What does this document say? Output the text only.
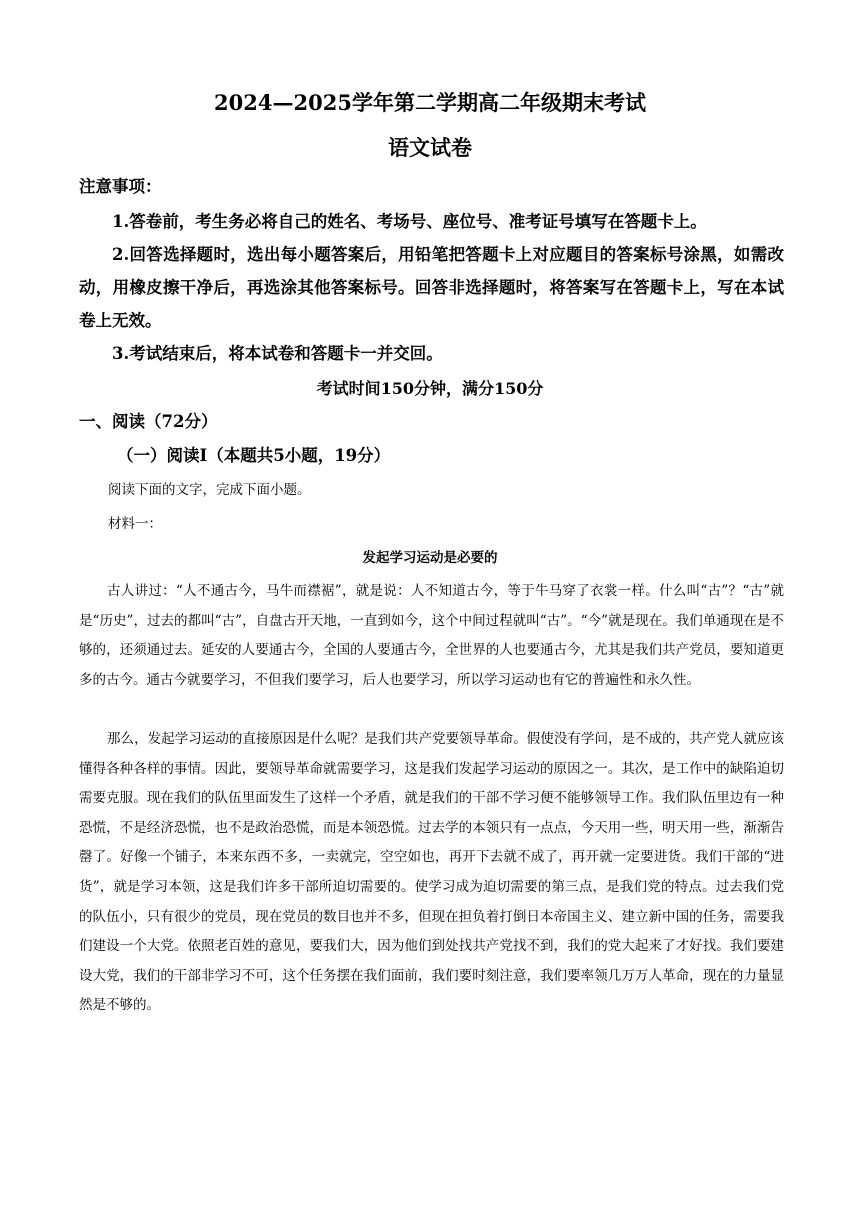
2024—2025学年第二学期高二年级期末考试
语文试卷
注意事项：

1.答卷前，考生务必将自己的姓名、考场号、座位号、准考证号填写在答题卡上。

2.回答选择题时，选出每小题答案后，用铅笔把答题卡上对应题目的答案标号涂黑，如需改动，用橡皮擦干净后，再选涂其他答案标号。回答非选择题时，将答案写在答题卡上，写在本试卷上无效。

3.考试结束后，将本试卷和答题卡一并交回。

考试时间150分钟，满分150分
一、阅读（72分）
（一）阅读Ⅰ（本题共5小题，19分）
阅读下面的文字，完成下面小题。
材料一：
发起学习运动是必要的

古人讲过：“人不通古今，马牛而襟裾”，就是说：人不知道古今，等于牛马穿了衣裳一样。什么叫“古”？“古”就是“历史”，过去的都叫“古”，自盘古开天地，一直到如今，这个中间过程就叫“古”。“今”就是现在。我们单通现在是不够的，还须通过去。延安的人要通古今，全国的人要通古今，全世界的人也要通古今，尤其是我们共产党员，要知道更多的古今。通古今就要学习，不但我们要学习，后人也要学习，所以学习运动也有它的普遍性和永久性。

那么，发起学习运动的直接原因是什么呢？是我们共产党要领导革命。假使没有学问，是不成的，共产党人就应该懂得各种各样的事情。因此，要领导革命就需要学习，这是我们发起学习运动的原因之一。其次，是工作中的缺陷迫切需要克服。现在我们的队伍里面发生了这样一个矛盾，就是我们的干部不学习便不能够领导工作。我们队伍里边有一种恐慌，不是经济恐慌，也不是政治恐慌，而是本领恐慌。过去学的本领只有一点点，今天用一些，明天用一些，渐渐告罄了。好像一个铺子，本来东西不多，一卖就完，空空如也，再开下去就不成了，再开就一定要进货。我们干部的“进货”，就是学习本领，这是我们许多干部所迫切需要的。使学习成为迫切需要的第三点，是我们党的特点。过去我们党的队伍小，只有很少的党员，现在党员的数目也并不多，但现在担负着打倒日本帝国主义、建立新中国的任务，需要我们建设一个大党。依照老百姓的意见，要我们大，因为他们到处找共产党找不到，我们的党大起来了才好找。我们要建设大党，我们的干部非学习不可，这个任务摆在我们面前，我们要时刻注意，我们要率领几万万人革命，现在的力量显然是不够的。
